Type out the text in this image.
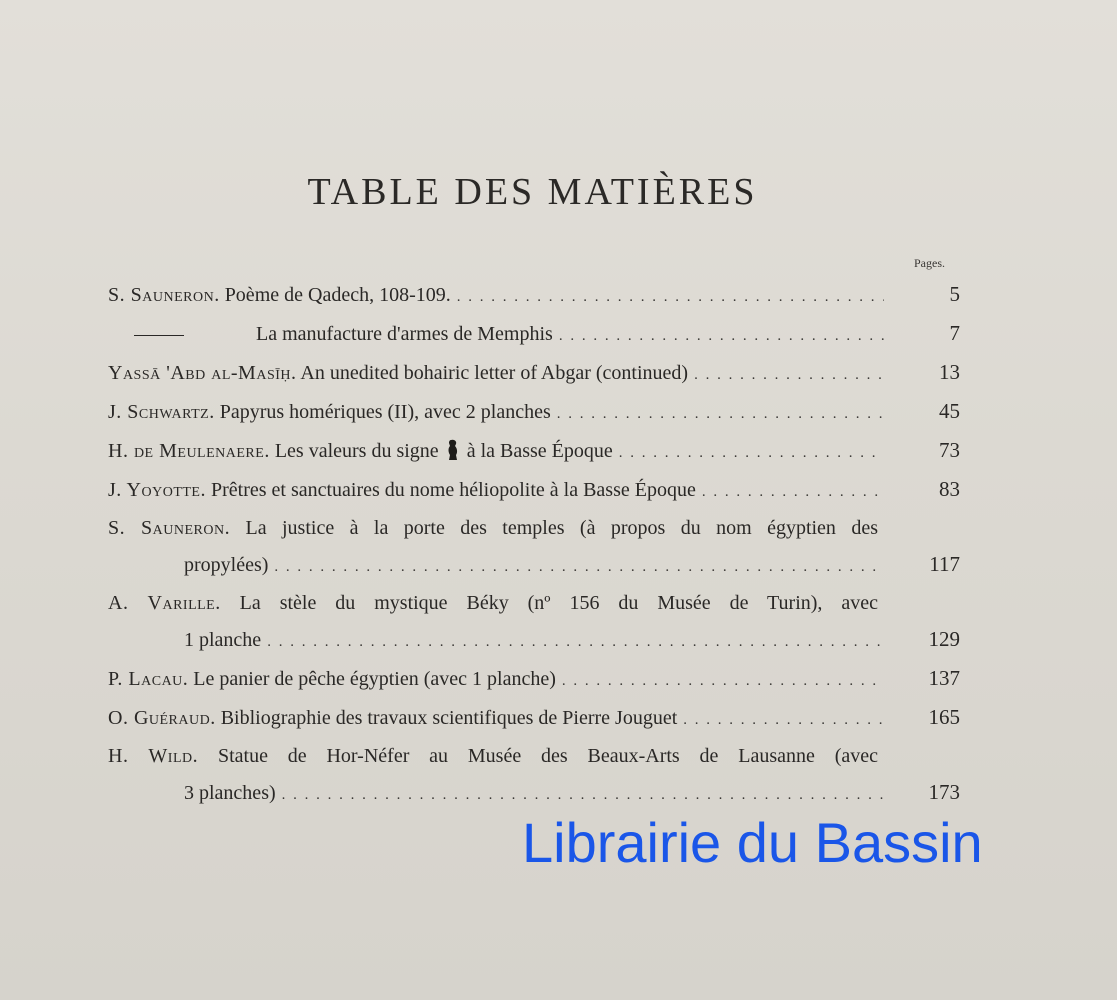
TABLE DES MATIÈRES
Pages.
S. Sauneron. Poème de Qadech, 108-109. . . .	5
La manufacture d'armes de Memphis . . .	7
Yassā 'Abd al-Masīḥ. An unedited bohairic letter of Abgar (continued) . . .	13
J. Schwartz. Papyrus homériques (II), avec 2 planches . . .	45
H. de Meulenaere. Les valeurs du signe à la Basse Époque . . .	73
J. Yoyotte. Prêtres et sanctuaires du nome héliopolite à la Basse Époque . . .	83
S. Sauneron. La justice à la porte des temples (à propos du nom égyptien des
propylées) . . .	117
A. Varille. La stèle du mystique Béky (nº 156 du Musée de Turin), avec
1 planche . . .	129
P. Lacau. Le panier de pêche égyptien (avec 1 planche) . . .	137
O. Guéraud. Bibliographie des travaux scientifiques de Pierre Jouguet . . .	165
H. Wild. Statue de Hor-Néfer au Musée des Beaux-Arts de Lausanne (avec
3 planches) . . .	173
Librairie du Bassin
